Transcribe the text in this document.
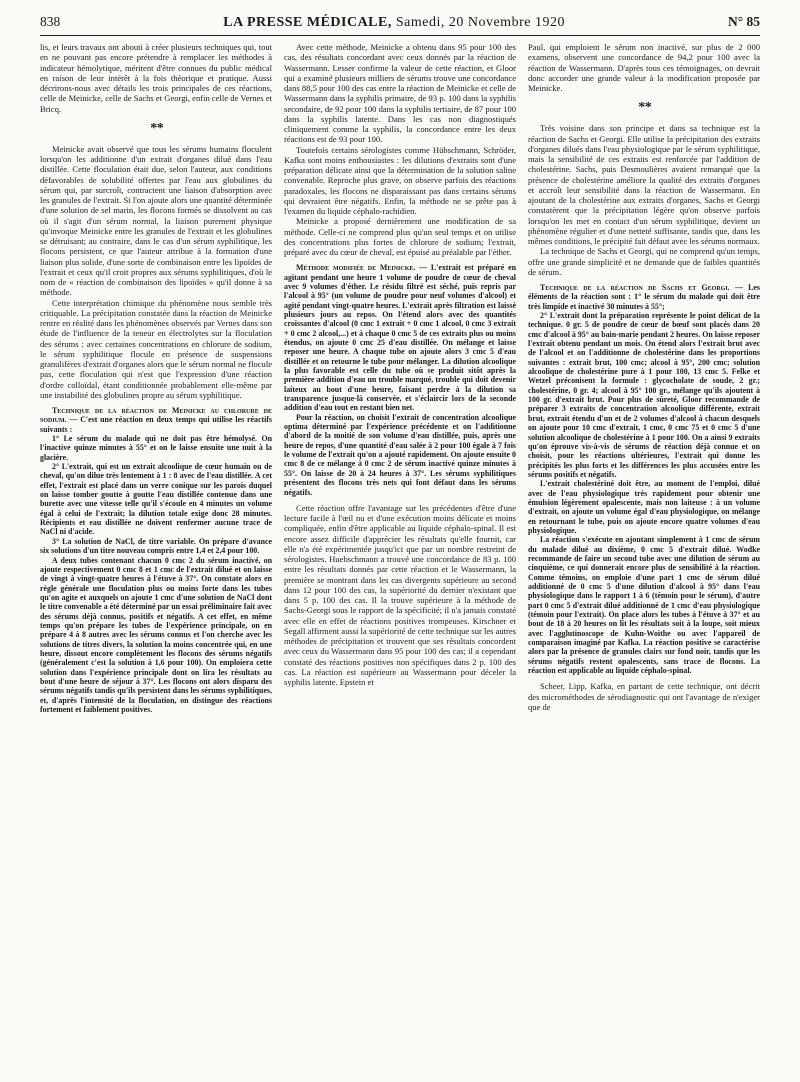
838	LA PRESSE MÉDICALE, Samedi, 20 Novembre 1920	N° 85

lis, et leurs travaux ont abouti à créer plusieurs techniques qui, tout en ne pouvant pas encore prétendre à remplacer les méthodes à indicateur hémolytique, méritent d'être connues du public médical en raison de leur intérêt à la fois théorique et pratique. Aussi décrirons-nous avec détails les trois principales de ces réactions, celle de Meinicke, celle de Sachs et Georgi, enfin celle de Vernes et Bricq.

* *

Meinicke avait observé que tous les sérums humains floculent lorsqu'on les additionne d'un extrait d'organes dilué dans l'eau distillée. Cette floculation était due, selon l'auteur, aux conditions défavorables de solubilité offertes par l'eau aux globulines du sérum qui, par surcroît, contractent une liaison d'absorption avec les granules de l'extrait. Si l'on ajoute alors une quantité déterminée d'une solution de sel marin, les flocons formés se dissolvent au cas où il s'agit d'un sérum normal, la liaison purement physique qu'invoque Meinicke entre les granules de l'extrait et les globulines se détruisant; au contraire, dans le cas d'un sérum syphilitique, les flocons persistent, ce que l'auteur attribue à la formation d'une liaison plus solide, d'une sorte de combinaison entre les lipoïdes de l'extrait et ceux qu'il croit propres aux sérums syphilitiques, d'où le nom de « réaction de combinaison des lipoïdes » qu'il donne à sa méthode.

Cette interprétation chimique du phénomène nous semble très critiquable. La précipitation constatée dans la réaction de Meinicke rentre en réalité dans les phénomènes observés par Vernes dans son étude de l'influence de la teneur en électrolytes sur la floculation des sérums : avec certaines concentrations en chlorure de sodium, le sérum syphilitique flocule en présence de suspensions granulifères d'extrait d'organes alors que le sérum normal ne flocule pas, cette floculation qui n'est que l'expression d'une réaction d'ordre colloïdal, étant conditionnée probablement elle-même par une instabilité des globulines propre au sérum syphilitique.

Technique de la réaction de Meinicke au chlorure de sodium. — C'est une réaction en deux temps qui utilise les réactifs suivants :

1° Le sérum du malade qui ne doit pas être hémolysé. On l'inactive quinze minutes à 55° et on le laisse ensuite une nuit à la glacière.

2° L'extrait, qui est un extrait alcoolique de cœur humain ou de cheval, qu'on dilue très lentement à 1 : 8 avec de l'eau distillée. A cet effet, l'extrait est placé dans un verre conique sur les parois duquel on laisse tomber goutte à goutte l'eau distillée contenue dans une burette avec une vitesse telle qu'il s'écoule en 4 minutes un volume égal à celui de l'extrait; la dilution totale exige donc 28 minutes. Récipients et eau distillée ne doivent renfermer aucune trace de NaCl ni d'acide.

3° La solution de NaCl, de titre variable. On prépare d'avance six solutions d'un titre nouveau compris entre 1,4 et 2,4 pour 100.

A deux tubes contenant chacun 0 cmc 2 du sérum inactivé, on ajoute respectivement 0 cmc 8 et 1 cmc de l'extrait dilué et on laisse de vingt à vingt-quatre heures à l'étuve à 37°. On constate alors en règle générale une floculation plus ou moins forte dans les tubes qu'on agite et auxquels on ajoute 1 cmc d'une solution de NaCl dont le titre convenable a été déterminé par un essai préliminaire fait avec des sérums déjà connus, positifs et négatifs. A cet effet, en même temps qu'on prépare les tubes de l'expérience principale, on en prépare 4 à 8 autres avec les sérums connus et l'on cherche avec les solutions de titres divers, la solution la moins concentrée qui, en une heure, dissout encore complètement les flocons des sérums négatifs (généralement c'est la solution à 1,6 pour 100). On emploiera cette solution dans l'expérience principale dont on lira les résultats au bout d'une heure de séjour à 37°. Les flocons ont alors disparu des sérums négatifs tandis qu'ils persistent dans les sérums syphilitiques, et, d'après l'intensité de la floculation, on distingue des réactions fortement et faiblement positives.

Avec cette méthode, Meinicke a obtenu dans 95 pour 100 des cas, des résultats concordant avec ceux donnés par la réaction de Wassermann. Lesser confirme la valeur de cette réaction, et Gloor qui a examiné plusieurs milliers de sérums trouve une concordance dans 88,5 pour 100 des cas entre la réaction de Meinicke et celle de Wassermann dans la syphilis primaire, de 93 p. 100 dans la syphilis secondaire, de 92 pour 100 dans la syphilis tertiaire, de 87 pour 100 dans la syphilis latente. Dans les cas non diagnostiqués cliniquement comme la syphilis, la concordance entre les deux réactions est de 93 pour 100.

Toutefois certains sérologistes comme Hübschmann, Schröder, Kafka sont moins enthousiastes : les dilutions d'extraits sont d'une préparation délicate ainsi que la détermination de la solution saline convenable. Reproche plus grave, on observe parfois des réactions paradoxales, les flocons ne disparaissant pas dans certains sérums qui devraient être négatifs. Enfin, la méthode ne se prête pas à l'examen du liquide céphalo-rachidien.

Meinicke a proposé dernièrement une modification de sa méthode. Celle-ci ne comprend plus qu'un seul temps et on utilise des concentrations plus fortes de chlorure de sodium; l'extrait, préparé avec du cœur de cheval, est épuisé au préalable par l'éther.

Méthode modifiée de Meinicke. — L'extrait est préparé en agitant pendant une heure 1 volume de poudre de cœur de cheval avec 9 volumes d'éther. Le résidu filtré est séché, puis repris par l'alcool à 95° (un volume de poudre pour neuf volumes d'alcool) et agité pendant vingt-quatre heures. L'extrait après filtration est laissé plusieurs jours au repos. On l'étend alors avec des quantités croissantes d'alcool (0 cmc 1 extrait + 0 cmc 1 alcool, 0 cmc 3 extrait + 0 cmc 2 alcool,...) et à chaque 0 cmc 5 de ces extraits plus ou moins étendus, on ajoute 0 cmc 25 d'eau distillée. On mélange et laisse reposer une heure. A chaque tube on ajoute alors 3 cmc 5 d'eau distillée et on retourne le tube pour mélanger. La dilution alcoolique la plus favorable est celle du tube où se produit sitôt après la première addition d'eau un trouble marqué, trouble qui doit devenir laiteux au bout d'une heure, faisant perdre à la dilution sa transparence jusque-là conservée, et s'éclaircir lors de la seconde addition d'eau tout en restant bien net.

Pour la réaction, on choisit l'extrait de concentration alcoolique optima déterminé par l'expérience précédente et on l'additionne d'abord de la moitié de son volume d'eau distillée, puis, après une heure de repos, d'une quantité d'eau salée à 2 pour 100 égale à 7 fois le volume de l'extrait qu'on a ajouté rapidement. On ajoute ensuite 0 cmc 8 de ce mélange à 0 cmc 2 de sérum inactivé quinze minutes à 55°. On laisse de 20 à 24 heures à 37°. Les sérums syphilitiques présentent des flocons très nets qui font défaut dans les sérums négatifs.

Cette réaction offre l'avantage sur les précédentes d'être d'une lecture facile à l'œil nu et d'une exécution moins délicate et moins compliquée, enfin d'être applicable au liquide céphalo-spinal. Il est encore assez difficile d'apprécier les résultats qu'elle fournit, car elle n'a été expérimentée jusqu'ici que par un nombre restreint de sérologistes. Huebschmann a trouvé une concordance de 83 p. 100 entre les résultats donnés par cette réaction et le Wassermann, la première se montrant dans les cas divergents supérieure au second dans 12 pour 100 des cas, la supériorité du dernier n'existant que dans 5 p. 100 des cas. Il la trouve supérieure à la méthode de Sachs-Georgi sous le rapport de la spécificité; il n'a jamais constaté avec elle en effet de réactions positives trompeuses. Kirschner et Segall affirment aussi la supériorité de cette technique sur les autres méthodes de précipitation et trouvent que ses résultats concordent avec ceux du Wassermann dans 95 pour 100 des cas; il a cependant constaté des réactions positives non spécifiques dans 2 p. 100 des cas. La réaction est supérieure au Wassermann pour déceler la syphilis latente. Epstein et

Paul, qui emploient le sérum non inactivé, sur plus de 2 000 examens, observent une concordance de 94,2 pour 100 avec la réaction de Wassermann. D'après tous ces témoignages, on devrait donc accorder une grande valeur à la modification proposée par Meinicke.

* *

Très voisine dans son principe et dans sa technique est la réaction de Sachs et Georgi. Elle utilise la précipitation des extraits d'organes dilués dans l'eau physiologique par le sérum syphilitique, mais la sensibilité de ces extraits est renforcée par l'addition de cholestérine. Sachs, puis Desmoulières avaient remarqué que la présence de cholestérine améliore la qualité des extraits d'organes et accroît leur sensibilité dans la réaction de Wassermann. En ajoutant de la cholestérine aux extraits d'organes, Sachs et Georgi constatèrent que la précipitation légère qu'on observe parfois lorsqu'on les met en contact d'un sérum syphilitique, devient un phénomène régulier et d'une netteté suffisante, tandis que, dans les mêmes conditions, le précipité fait défaut avec les sérums normaux.

La technique de Sachs et Georgi, qui ne comprend qu'un temps, offre une grande simplicité et ne demande que de faibles quantités de sérum.

Technique de la réaction de Sachs et Georgi. — Les éléments de la réaction sont : 1° le sérum du malade qui doit être très limpide et inactivé 30 minutes à 55°;

2° L'extrait dont la préparation représente le point délicat de la technique. 0 gr. 5 de poudre de cœur de bœuf sont placés dans 20 cmc d'alcool à 95° au bain-marie pendant 2 heures. On laisse reposer l'extrait obtenu pendant un mois. On étend alors l'extrait brut avec de l'alcool et on l'additionne de cholestérine dans les proportions suivantes : extrait brut, 100 cmc; alcool à 95°, 200 cmc; solution alcoolique de cholestérine pure à 1 pour 100, 13 cmc 5. Felke et Wetzel préconisent la formule : glycocholate de soude, 2 gr.; cholestérine, 0 gr. 4; alcool à 95° 100 gr., mélange qu'ils ajoutent à 100 gr. d'extrait brut. Pour plus de sûreté, Gloor recommande de préparer 3 extraits de concentration alcoolique différente, extrait brut, extrait étendu d'un et de 2 volumes d'alcool à chacun desquels on ajoute pour 10 cmc d'extrait, 1 cmc, 0 cmc 75 et 0 cmc 5 d'une solution alcoolique de cholestérine à 1 pour 100. On a ainsi 9 extraits qu'on éprouve vis-à-vis de sérums de réaction déjà connue et on choisit, pour les réactions ultérieures, l'extrait qui donne les précipités les plus forts et les différences les plus accusées entre les sérums positifs et négatifs.

L'extrait cholestériné doit être, au moment de l'emploi, dilué avec de l'eau physiologique très rapidement pour obtenir une émulsion légèrement opalescente, mais non laiteuse : à un volume d'extrait, on ajoute un volume égal d'eau physiologique, on mélange en retournant le tube, puis on ajoute encore quatre volumes d'eau physiologique.

La réaction s'exécute en ajoutant simplement à 1 cmc de sérum du malade dilué au dixième, 0 cmc 5 d'extrait dilué. Wodke recommande de faire un second tube avec une dilution de sérum au cinquième, ce qui donnerait encore plus de sensibilité à la réaction. Comme témoins, on emploie d'une part 1 cmc de sérum dilué additionné de 0 cmc 5 d'une dilution d'alcool à 95° dans l'eau physiologique dans le rapport 1 à 6 (témoin pour le sérum), d'autre part 0 cmc 5 d'extrait dilué additionné de 1 cmc d'eau physiologique (témoin pour l'extrait). On place alors les tubes à l'étuve à 37° et au bout de 18 à 20 heures on lit les résultats soit à la loupe, soit mieux avec l'agglutinoscope de Kuhn-Woithe ou avec l'appareil de comparaison imaginé par Kafka. La réaction positive se caractérise alors par la présence de granules clairs sur fond noir, tandis que les sérums négatifs restent opalescents, sans trace de flocons. La réaction est applicable au liquide céphalo-spinal.

Scheer, Lipp, Kafka, en partant de cette technique, ont décrit des microméthodes de sérodiagnostic qui ont l'avantage de n'exiger que de
